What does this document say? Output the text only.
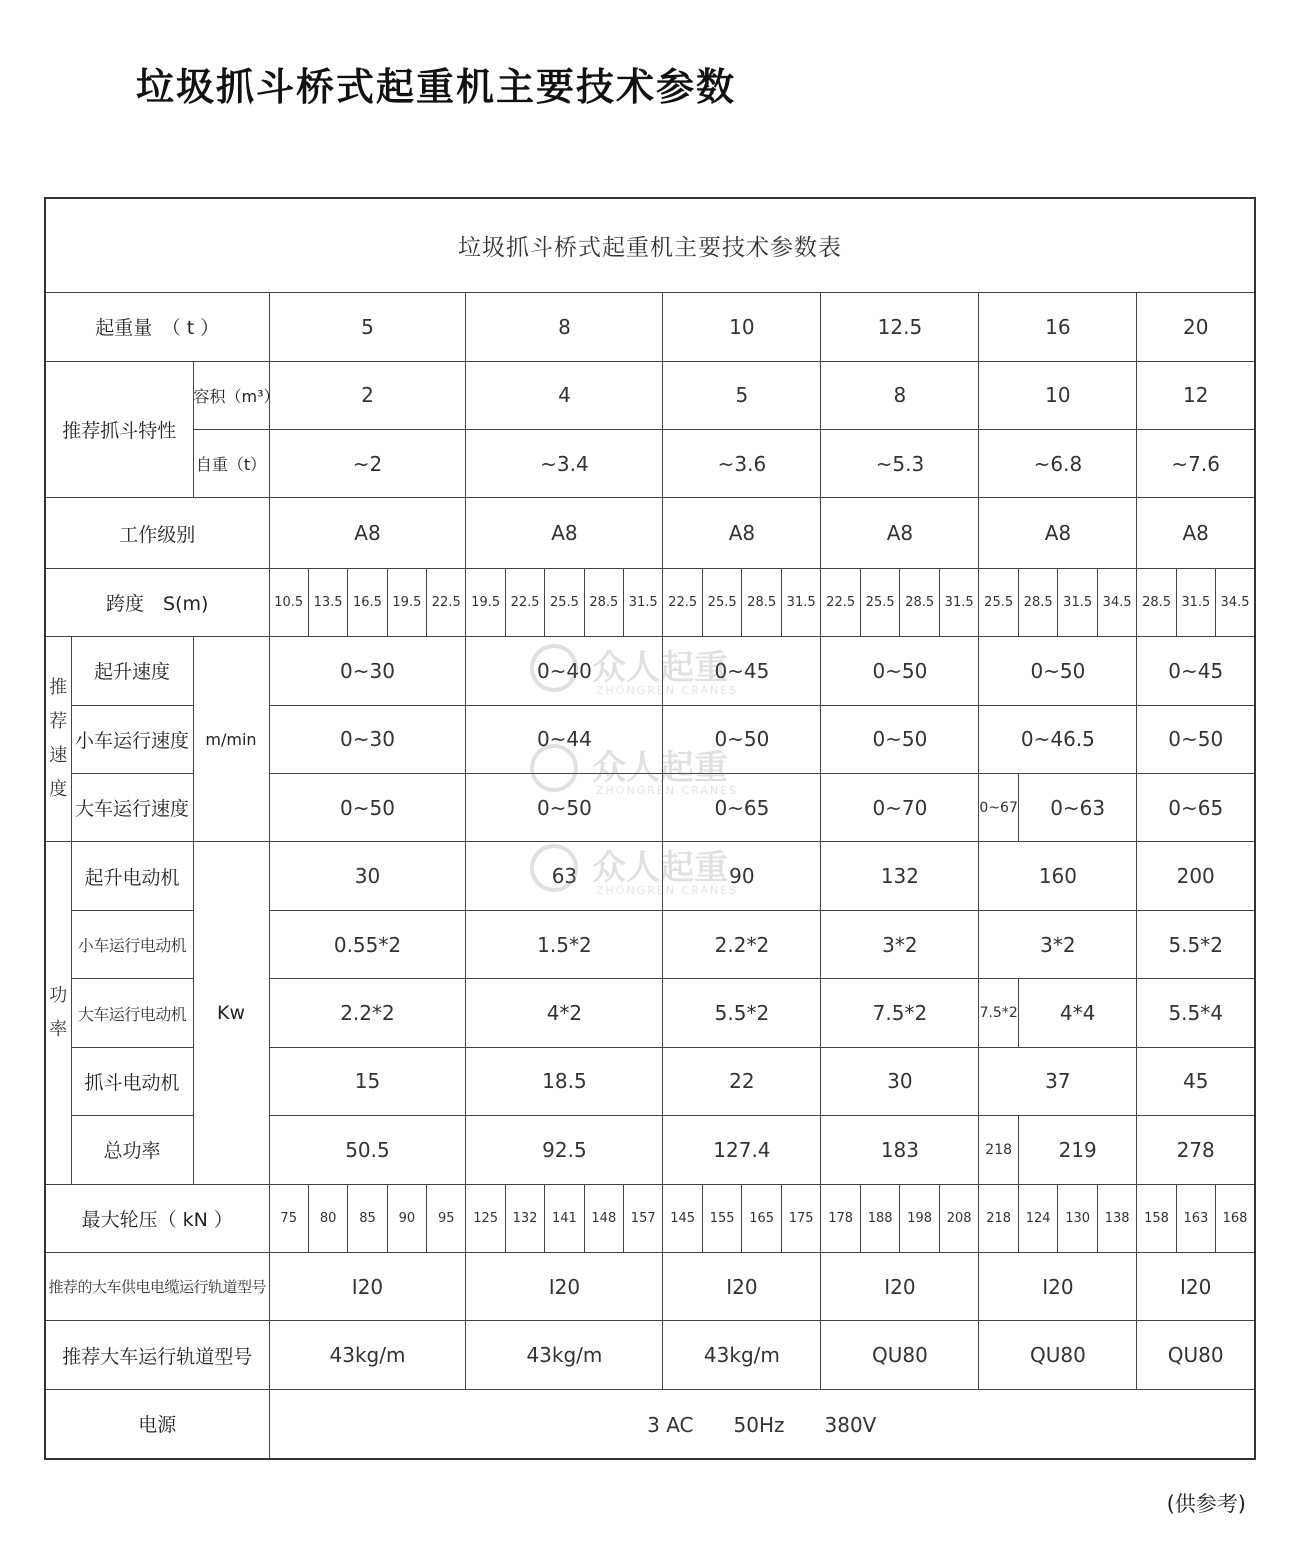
垃圾抓斗桥式起重机主要技术参数
垃圾抓斗桥式起重机主要技术参数表																											
起重量　（ t ）			5					8					10				12.5				16				20		
推荐抓斗特性		容积（m³）	2					4					5				8				10				12		
		自重（t）	~2					~3.4					~3.6				~5.3				~6.8				~7.6		
工作级别			A8					A8					A8				A8				A8				A8		
跨度　S(m)			10.5	13.5	16.5	19.5	22.5	19.5	22.5	25.5	28.5	31.5	22.5	25.5	28.5	31.5	22.5	25.5	28.5	31.5	25.5	28.5	31.5	34.5	28.5	31.5	34.5

推
荐
速
度	起升速度	m/min	0~30					0~40					0~45				0~50				0~50				0~45		
	小车运行速度		0~30					0~44					0~50				0~50				0~46.5				0~50		
	大车运行速度		0~50					0~50					0~65				0~70				0~67	0~63			0~65		

功
率	起升电动机	Kw	30					63					90				132				160				200		
	小车运行电动机		0.55*2					1.5*2					2.2*2				3*2				3*2				5.5*2		
	大车运行电动机		2.2*2					4*2					5.5*2				7.5*2				7.5*2	4*4			5.5*4		
	抓斗电动机		15					18.5					22				30				37				45		
	总功率		50.5					92.5					127.4				183				218	219			278		
最大轮压（ kN ）			75	80	85	90	95	125	132	141	148	157	145	155	165	175	178	188	198	208	218	124	130	138	158	163	168
推荐的大车供电电缆运行轨道型号			I20					I20					I20				I20				I20				I20		
推荐大车运行轨道型号			43kg/m					43kg/m					43kg/m				QU80				QU80				QU80		
电源			3 AC　　50Hz　　380V																								
众人起重
ZHONGREN CRANES
众人起重
ZHONGREN CRANES
众人起重
ZHONGREN CRANES
(供参考)
